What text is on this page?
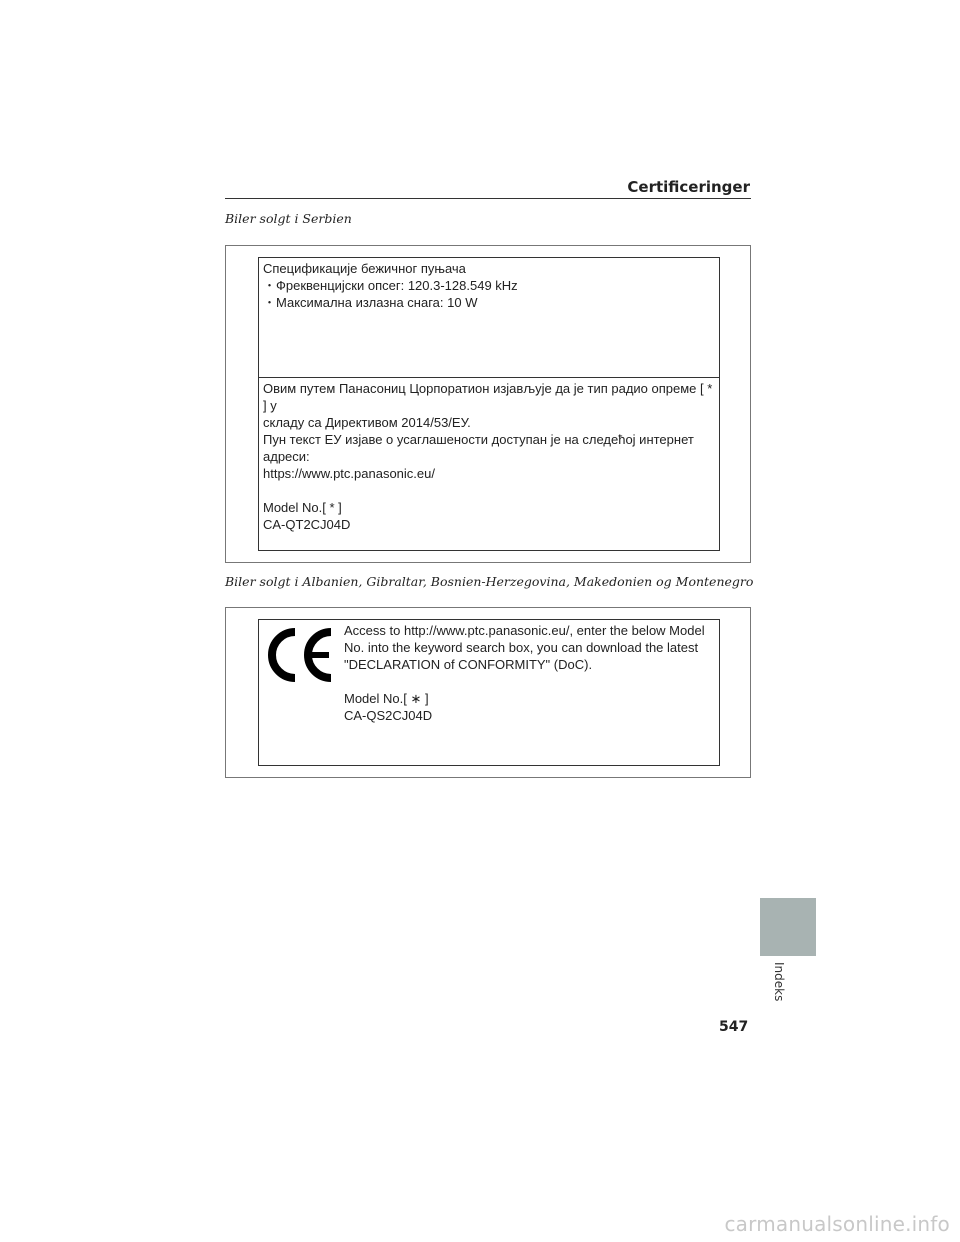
Certificeringer
Biler solgt i Serbien

Спецификације бежичног пуњача

・Фреквенцијски опсег: 120.3-128.549 kHz

・Максимална излазна снага: 10 W

Овим путем Панасониц Цорпоратион изјављује да је тип радио опреме [ * ] у

складу са Директивом 2014/53/ЕУ.

Пун текст ЕУ изјаве о усаглашености доступан је на следећој интернет

адреси:

https://www.ptc.panasonic.eu/

Model No.[ * ]

CA-QT2CJ04D

Biler solgt i Albanien, Gibraltar, Bosnien-Herzegovina, Makedonien og Montenegro

Access to http://www.ptc.panasonic.eu/, enter the below Model

No. into the keyword search box, you can download the latest

"DECLARATION of CONFORMITY" (DoC).

Model No.[ ∗ ]

CA-QS2CJ04D

Indeks
547
carmanualsonline.info
